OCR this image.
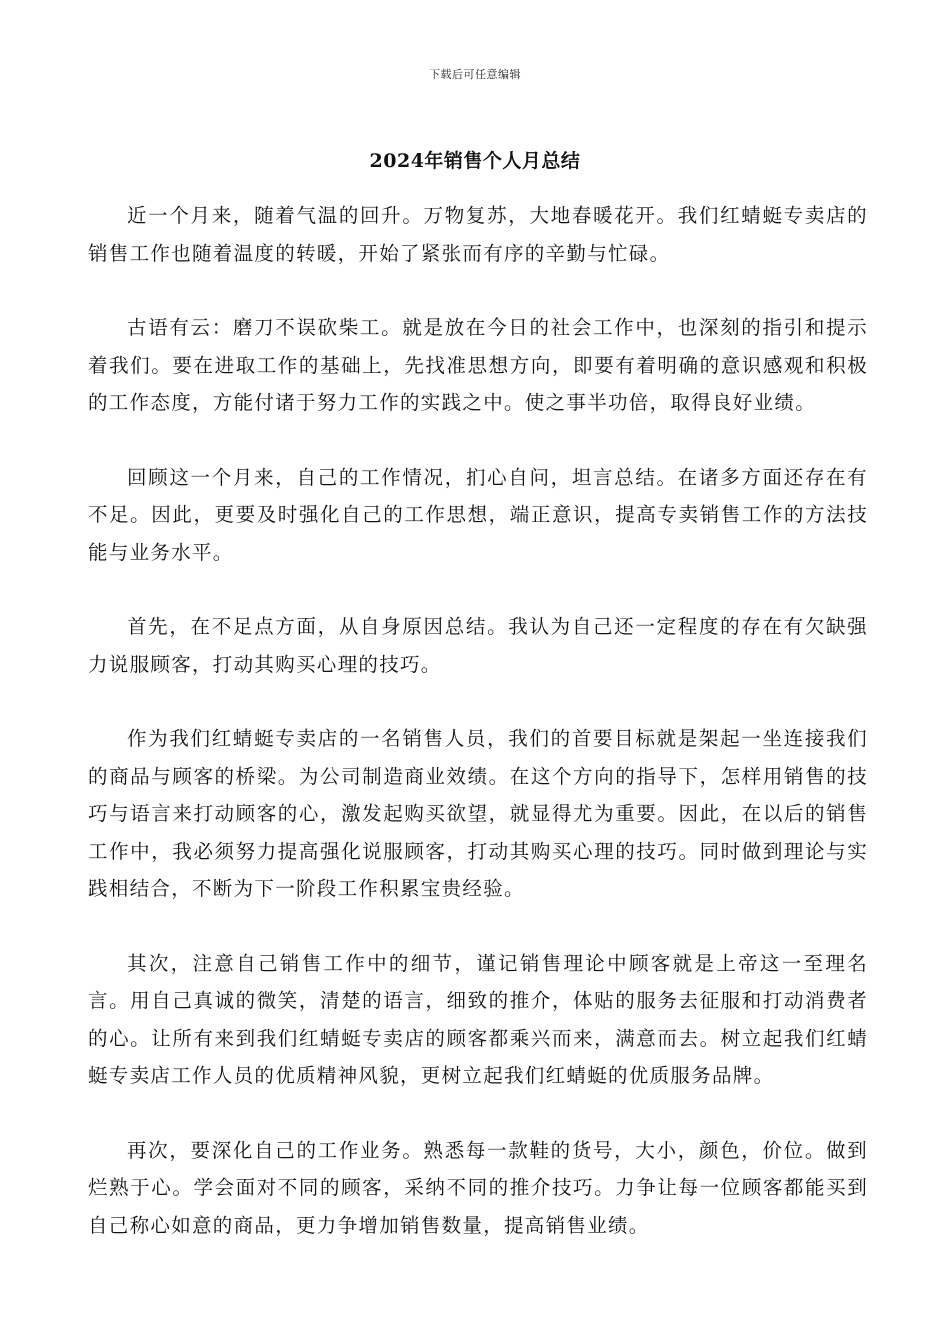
下载后可任意编辑
2024年销售个人月总结

近一个月来，随着气温的回升。万物复苏，大地春暖花开。我们红蜻蜓专卖店的销售工作也随着温度的转暖，开始了紧张而有序的辛勤与忙碌。

古语有云：磨刀不误砍柴工。就是放在今日的社会工作中，也深刻的指引和提示着我们。要在进取工作的基础上，先找准思想方向，即要有着明确的意识感观和积极的工作态度，方能付诸于努力工作的实践之中。使之事半功倍，取得良好业绩。

回顾这一个月来，自己的工作情况，扪心自问，坦言总结。在诸多方面还存在有不足。因此，更要及时强化自己的工作思想，端正意识，提高专卖销售工作的方法技能与业务水平。

首先，在不足点方面，从自身原因总结。我认为自己还一定程度的存在有欠缺强力说服顾客，打动其购买心理的技巧。

作为我们红蜻蜓专卖店的一名销售人员，我们的首要目标就是架起一坐连接我们的商品与顾客的桥梁。为公司制造商业效绩。在这个方向的指导下，怎样用销售的技巧与语言来打动顾客的心，激发起购买欲望，就显得尤为重要。因此，在以后的销售工作中，我必须努力提高强化说服顾客，打动其购买心理的技巧。同时做到理论与实践相结合，不断为下一阶段工作积累宝贵经验。

其次，注意自己销售工作中的细节，谨记销售理论中顾客就是上帝这一至理名言。用自己真诚的微笑，清楚的语言，细致的推介，体贴的服务去征服和打动消费者的心。让所有来到我们红蜻蜓专卖店的顾客都乘兴而来，满意而去。树立起我们红蜻蜓专卖店工作人员的优质精神风貌，更树立起我们红蜻蜓的优质服务品牌。

再次，要深化自己的工作业务。熟悉每一款鞋的货号，大小，颜色，价位。做到烂熟于心。学会面对不同的顾客，采纳不同的推介技巧。力争让每一位顾客都能买到自己称心如意的商品，更力争增加销售数量，提高销售业绩。
